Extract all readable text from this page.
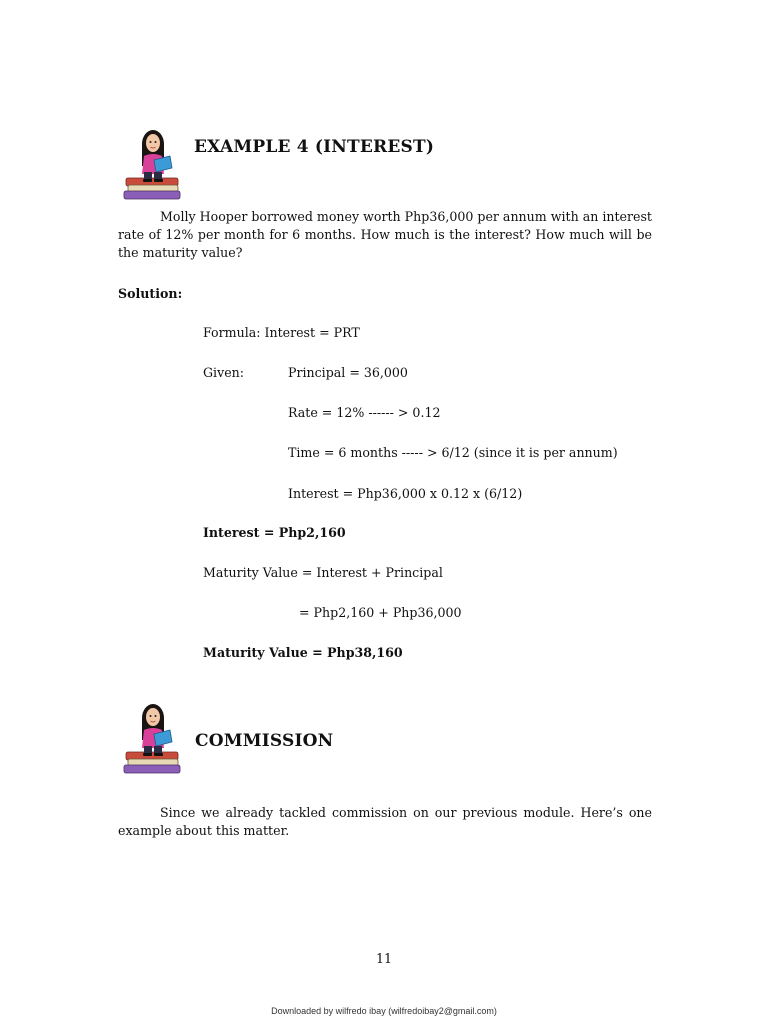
EXAMPLE 4 (INTEREST)
Molly Hooper borrowed money worth Php36,000 per annum with an interest rate of 12% per month for 6 months. How much is the interest? How much will be the maturity value?
Solution:
Formula: Interest = PRT
Given:	Principal = 36,000
Rate = 12% ------ > 0.12
Time = 6 months ----- > 6/12 (since it is per annum)
Interest = Php36,000 x 0.12 x (6/12)
Interest = Php2,160
Maturity Value = Interest + Principal
= Php2,160 + Php36,000
Maturity Value = Php38,160
COMMISSION
Since we already tackled commission on our previous module. Here’s one example about this matter.
11
Downloaded by wilfredo ibay (wilfredoibay2@gmail.com)
